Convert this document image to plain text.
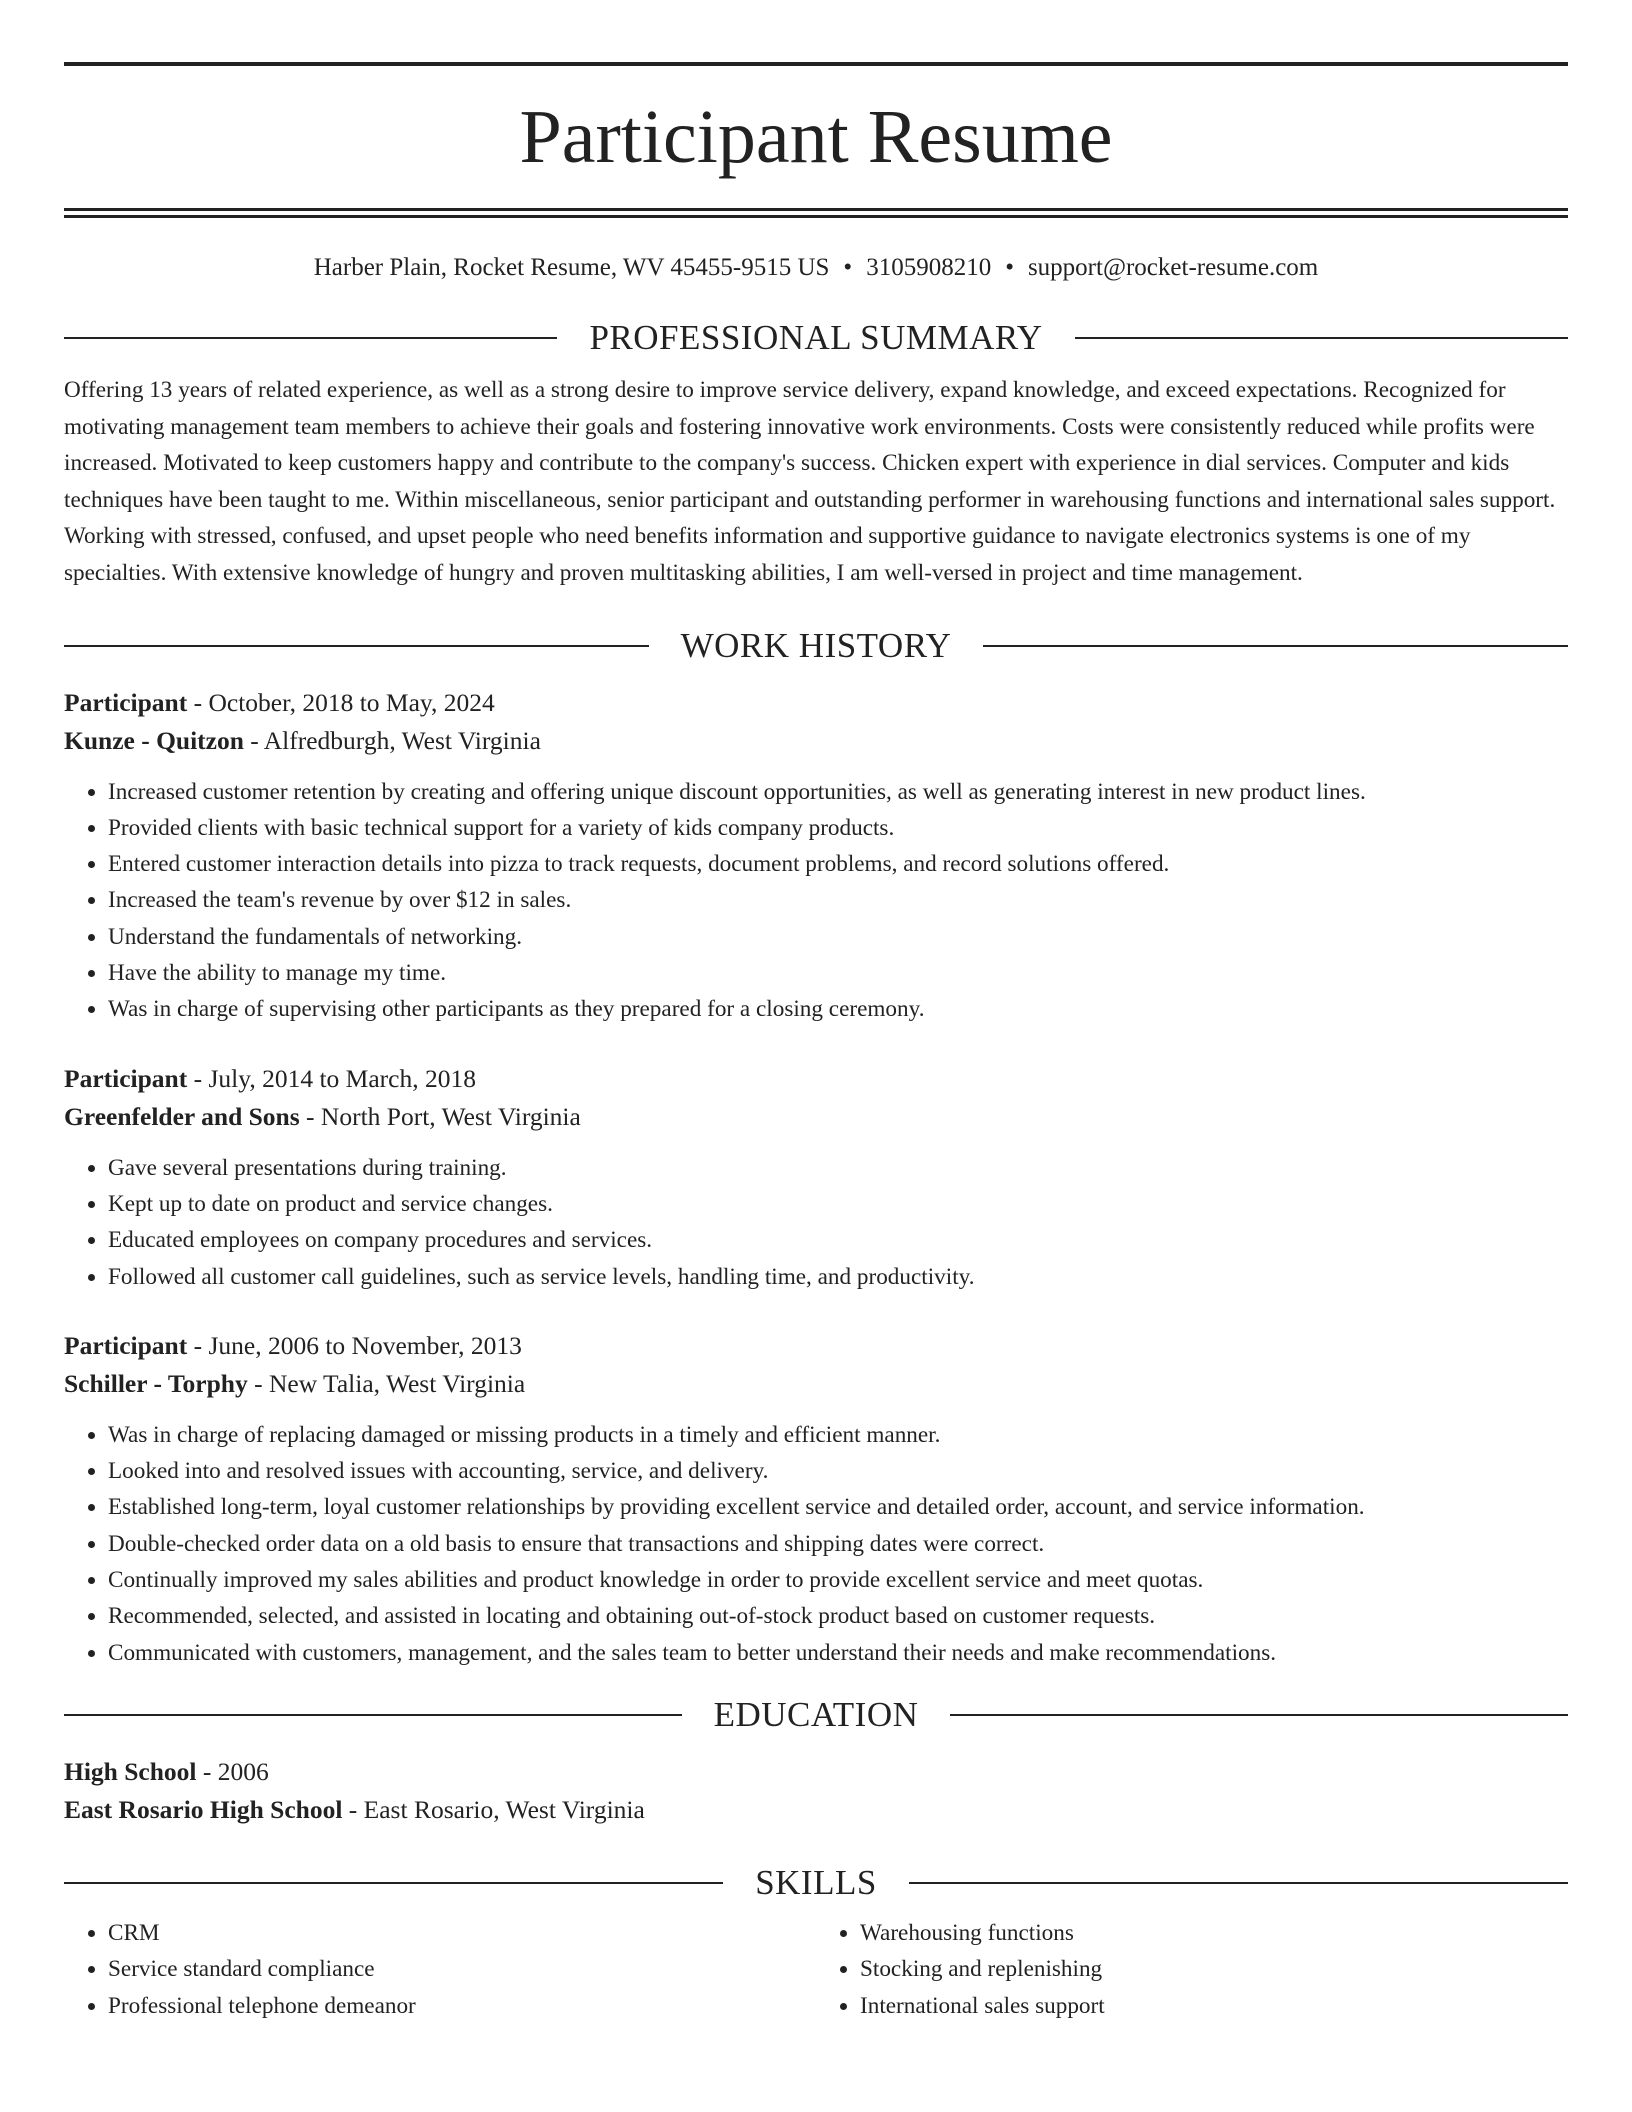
Participant Resume
Harber Plain, Rocket Resume, WV 45455-9515 US • 3105908210 • support@rocket-resume.com
PROFESSIONAL SUMMARY

Offering 13 years of related experience, as well as a strong desire to improve service delivery, expand knowledge, and exceed expectations. Recognized for motivating management team members to achieve their goals and fostering innovative work environments. Costs were consistently reduced while profits were increased. Motivated to keep customers happy and contribute to the company's success. Chicken expert with experience in dial services. Computer and kids techniques have been taught to me. Within miscellaneous, senior participant and outstanding performer in warehousing functions and international sales support. Working with stressed, confused, and upset people who need benefits information and supportive guidance to navigate electronics systems is one of my specialties. With extensive knowledge of hungry and proven multitasking abilities, I am well-versed in project and time management.

WORK HISTORY
Participant - October, 2018 to May, 2024
Kunze - Quitzon - Alfredburgh, West Virginia
• Increased customer retention by creating and offering unique discount opportunities, as well as generating interest in new product lines.
• Provided clients with basic technical support for a variety of kids company products.
• Entered customer interaction details into pizza to track requests, document problems, and record solutions offered.
• Increased the team's revenue by over $12 in sales.
• Understand the fundamentals of networking.
• Have the ability to manage my time.
• Was in charge of supervising other participants as they prepared for a closing ceremony.
Participant - July, 2014 to March, 2018
Greenfelder and Sons - North Port, West Virginia
• Gave several presentations during training.
• Kept up to date on product and service changes.
• Educated employees on company procedures and services.
• Followed all customer call guidelines, such as service levels, handling time, and productivity.
Participant - June, 2006 to November, 2013
Schiller - Torphy - New Talia, West Virginia
• Was in charge of replacing damaged or missing products in a timely and efficient manner.
• Looked into and resolved issues with accounting, service, and delivery.
• Established long-term, loyal customer relationships by providing excellent service and detailed order, account, and service information.
• Double-checked order data on a old basis to ensure that transactions and shipping dates were correct.
• Continually improved my sales abilities and product knowledge in order to provide excellent service and meet quotas.
• Recommended, selected, and assisted in locating and obtaining out-of-stock product based on customer requests.
• Communicated with customers, management, and the sales team to better understand their needs and make recommendations.
EDUCATION
High School - 2006
East Rosario High School - East Rosario, West Virginia
SKILLS
• CRM
• Service standard compliance
• Professional telephone demeanor
• Warehousing functions
• Stocking and replenishing
• International sales support
